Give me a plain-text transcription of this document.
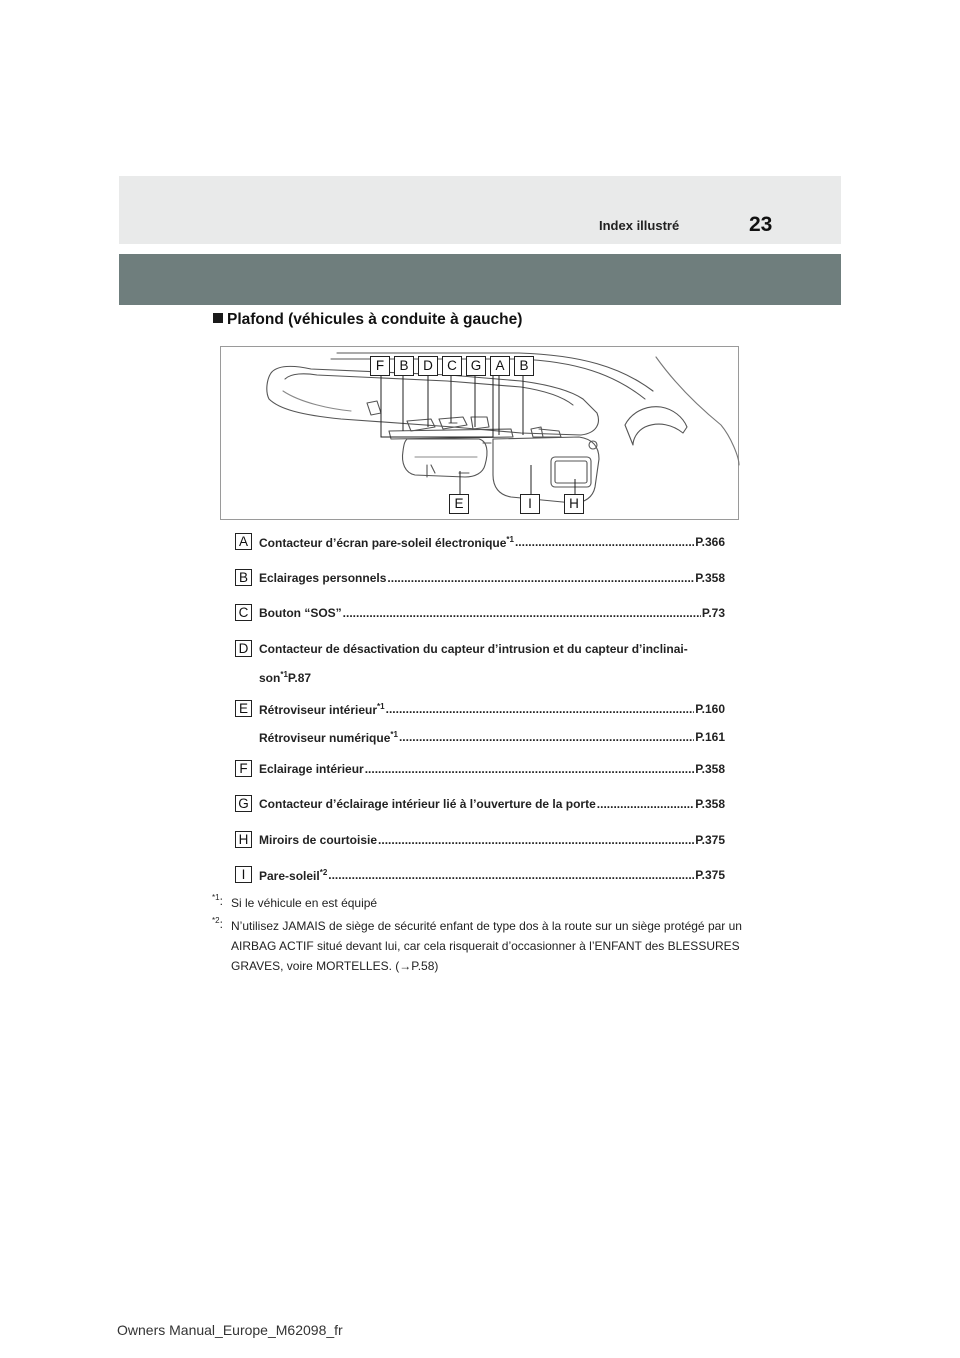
Index illustré	23
Plafond (véhicules à conduite à gauche)
F	B	D	C	G	A	B
E	I	H
A Contacteur d’écran pare-soleil électronique$^{*1}$ .....	P.366
B Eclairages personnels .....	P.358
C Bouton “SOS” .....	P.73
D Contacteur de désactivation du capteur d’intrusion et du capteur d’inclinai-
son$^{*1}$P.87
E Rétroviseur intérieur$^{*1}$ .....	P.160
Rétroviseur numérique$^{*1}$ .....	P.161
F Eclairage intérieur .....	P.358
G Contacteur d’éclairage intérieur lié à l’ouverture de la porte .....	P.358
H Miroirs de courtoisie .....	P.375
I	Pare-soleil$^{*2}$ .....	P.375
$^{*1}$: Si le véhicule en est équipé
$^{*2}$: N’utilisez JAMAIS de siège de sécurité enfant de type dos à la route sur un siège protégé par un AIRBAG ACTIF situé devant lui, car cela risquerait d’occasionner à l’ENFANT des BLESSURES GRAVES, voire MORTELLES. (→P.58)
Owners Manual_Europe_M62098_fr
